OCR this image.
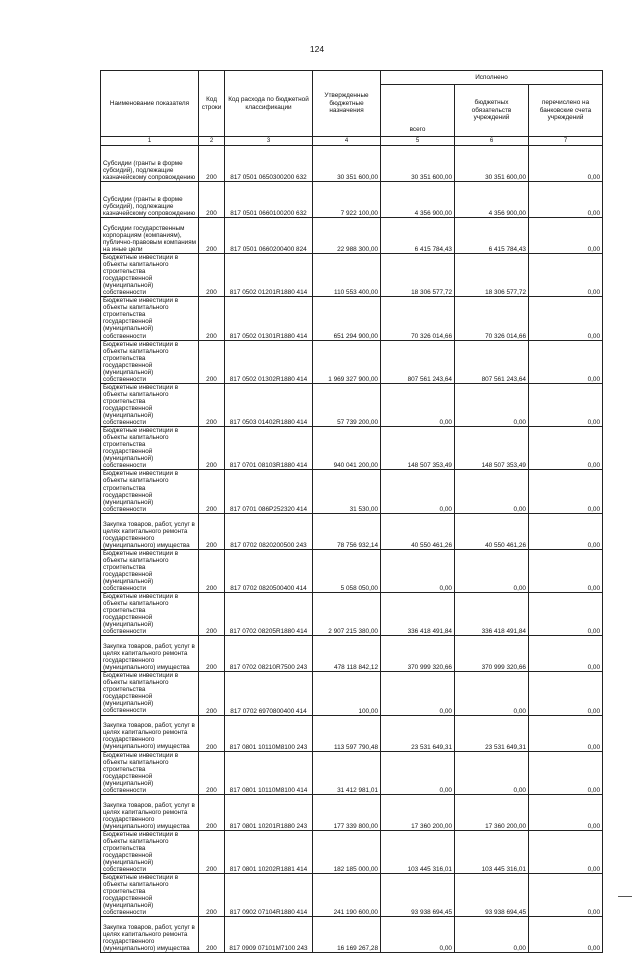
124
Наименование показателя	Код строки	Код расхода по бюджетной классификации	Утвержденные бюджетные назначения	Исполнено		
				всего	бюджетных обязательств учреждений	перечислено на банковские счета учреждений
1	2	3	4	5	6	7
Субсидии (гранты в форме субсидий), подлежащие казначейскому сопровождению	200	817 0501 0650300200 632	30 351 600,00	30 351 600,00	30 351 600,00	0,00
Субсидии (гранты в форме субсидий), подлежащие казначейскому сопровождению	200	817 0501 0660100200 632	7 922 100,00	4 356 900,00	4 356 900,00	0,00
Субсидии государственным корпорациям (компаниям), публично-правовым компаниям на иные цели	200	817 0501 0660200400 824	22 988 300,00	6 415 784,43	6 415 784,43	0,00
Бюджетные инвестиции в объекты капитального строительства государственной (муниципальной) собственности	200	817 0502 01201R1880 414	110 553 400,00	18 306 577,72	18 306 577,72	0,00
Бюджетные инвестиции в объекты капитального строительства государственной (муниципальной) собственности	200	817 0502 01301R1880 414	651 294 900,00	70 326 014,66	70 326 014,66	0,00
Бюджетные инвестиции в объекты капитального строительства государственной (муниципальной) собственности	200	817 0502 01302R1880 414	1 969 327 900,00	807 561 243,64	807 561 243,64	0,00
Бюджетные инвестиции в объекты капитального строительства государственной (муниципальной) собственности	200	817 0503 01402R1880 414	57 739 200,00	0,00	0,00	0,00
Бюджетные инвестиции в объекты капитального строительства государственной (муниципальной) собственности	200	817 0701 08103R1880 414	940 041 200,00	148 507 353,49	148 507 353,49	0,00
Бюджетные инвестиции в объекты капитального строительства государственной (муниципальной) собственности	200	817 0701 086P252320 414	31 530,00	0,00	0,00	0,00
Закупка товаров, работ, услуг в целях капитального ремонта государственного (муниципального) имущества	200	817 0702 0820200500 243	78 756 932,14	40 550 461,26	40 550 461,26	0,00
Бюджетные инвестиции в объекты капитального строительства государственной (муниципальной) собственности	200	817 0702 0820500400 414	5 058 050,00	0,00	0,00	0,00
Бюджетные инвестиции в объекты капитального строительства государственной (муниципальной) собственности	200	817 0702 08205R1880 414	2 907 215 380,00	336 418 491,84	336 418 491,84	0,00
Закупка товаров, работ, услуг в целях капитального ремонта государственного (муниципального) имущества	200	817 0702 08210R7500 243	478 118 842,12	370 999 320,66	370 999 320,66	0,00
Бюджетные инвестиции в объекты капитального строительства государственной (муниципальной) собственности	200	817 0702 6970800400 414	100,00	0,00	0,00	0,00
Закупка товаров, работ, услуг в целях капитального ремонта государственного (муниципального) имущества	200	817 0801 10110M8100 243	113 597 790,48	23 531 649,31	23 531 649,31	0,00
Бюджетные инвестиции в объекты капитального строительства государственной (муниципальной) собственности	200	817 0801 10110M8100 414	31 412 981,01	0,00	0,00	0,00
Закупка товаров, работ, услуг в целях капитального ремонта государственного (муниципального) имущества	200	817 0801 10201R1880 243	177 339 800,00	17 360 200,00	17 360 200,00	0,00
Бюджетные инвестиции в объекты капитального строительства государственной (муниципальной) собственности	200	817 0801 10202R1881 414	182 185 000,00	103 445 316,01	103 445 316,01	0,00
Бюджетные инвестиции в объекты капитального строительства государственной (муниципальной) собственности	200	817 0902 07104R1880 414	241 190 600,00	93 938 694,45	93 938 694,45	0,00
Закупка товаров, работ, услуг в целях капитального ремонта государственного (муниципального) имущества	200	817 0909 07101M7100 243	16 169 267,28	0,00	0,00	0,00
